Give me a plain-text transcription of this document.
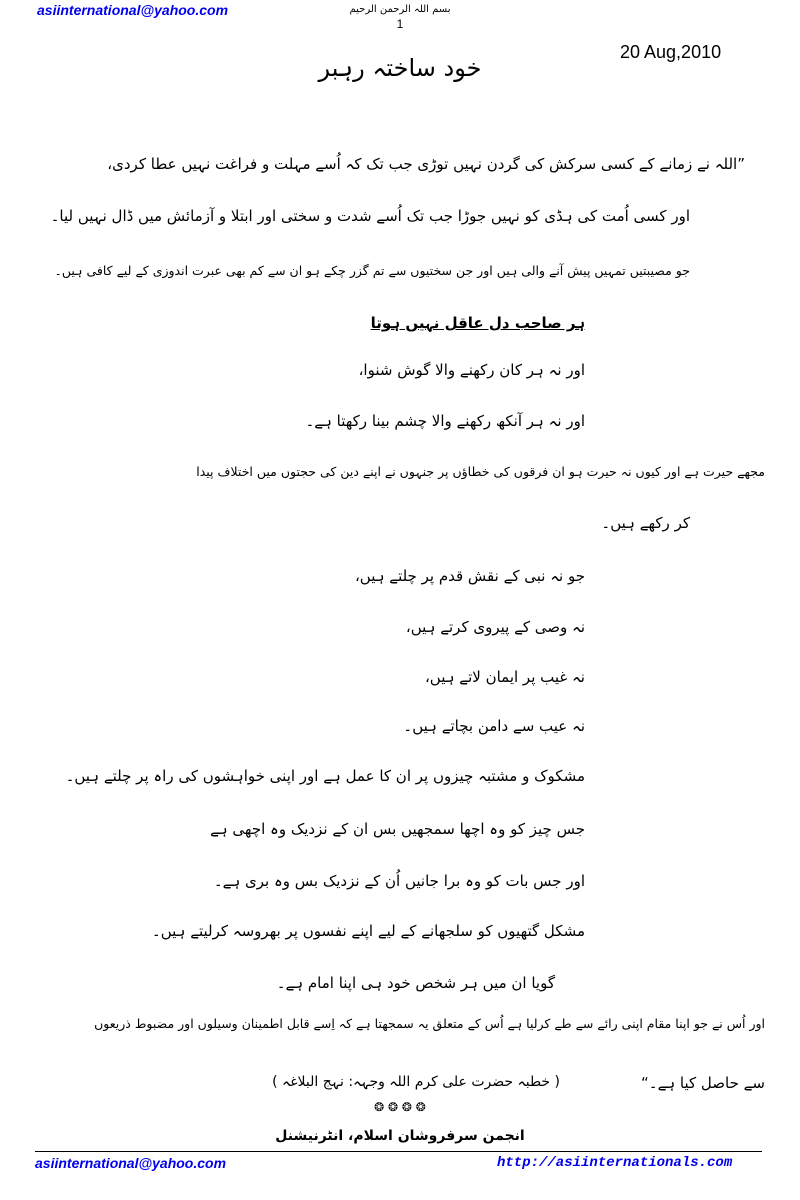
asiinternational@yahoo.com	بسم اللہ الرحمن الرحیم
1
20 Aug,2010
خود ساختہ رہبر
”اللہ نے زمانے کے کسی سرکش کی گردن نہیں توڑی جب تک کہ اُسے مہلت و فراغت نہیں عطا کردی،
اور کسی اُمت کی ہڈی کو نہیں جوڑا جب تک اُسے شدت و سختی اور ابتلا و آزمائش میں ڈال نہیں لیا۔
جو مصیبتیں تمہیں پیش آنے والی ہیں اور جن سختیوں سے تم گزر چکے ہو ان سے کم بھی عبرت اندوزی کے لیے کافی ہیں۔
ہر صاحب دل عاقل نہیں ہوتا
اور نہ ہر کان رکھنے والا گوش شنوا،
اور نہ ہر آنکھ رکھنے والا چشم بینا رکھتا ہے۔
مجھے حیرت ہے اور کیوں نہ حیرت ہو ان فرقوں کی خطاؤں پر جنہوں نے اپنے دین کی حجتوں میں اختلاف پیدا
کر رکھے ہیں۔
جو نہ نبی کے نقش قدم پر چلتے ہیں،
نہ وصی کے پیروی کرتے ہیں،
نہ غیب پر ایمان لاتے ہیں،
نہ عیب سے دامن بچاتے ہیں۔
مشکوک و مشتبہ چیزوں پر ان کا عمل ہے اور اپنی خواہشوں کی راہ پر چلتے ہیں۔
جس چیز کو وہ اچھا سمجھیں بس ان کے نزدیک وہ اچھی ہے
اور جس بات کو وہ برا جانیں اُن کے نزدیک بس وہ بری ہے۔
مشکل گتھیوں کو سلجھانے کے لیے اپنے نفسوں پر بھروسہ کرلیتے ہیں۔
گویا ان میں ہر شخص خود ہی اپنا امام ہے۔
اور اُس نے جو اپنا مقام اپنی رائے سے طے کرلیا ہے اُس کے متعلق یہ سمجھتا ہے کہ اِسے قابل اطمینان وسیلوں اور مضبوط ذریعوں
سے حاصل کیا ہے۔“
( خطبہ حضرت علی کرم اللہ وجہہ: نہج البلاغہ )
❂ ❂ ❂ ❂
انجمن سرفروشان اسلام، انٹرنیشنل
asiinternational@yahoo.com	http://asiinternationals.com
